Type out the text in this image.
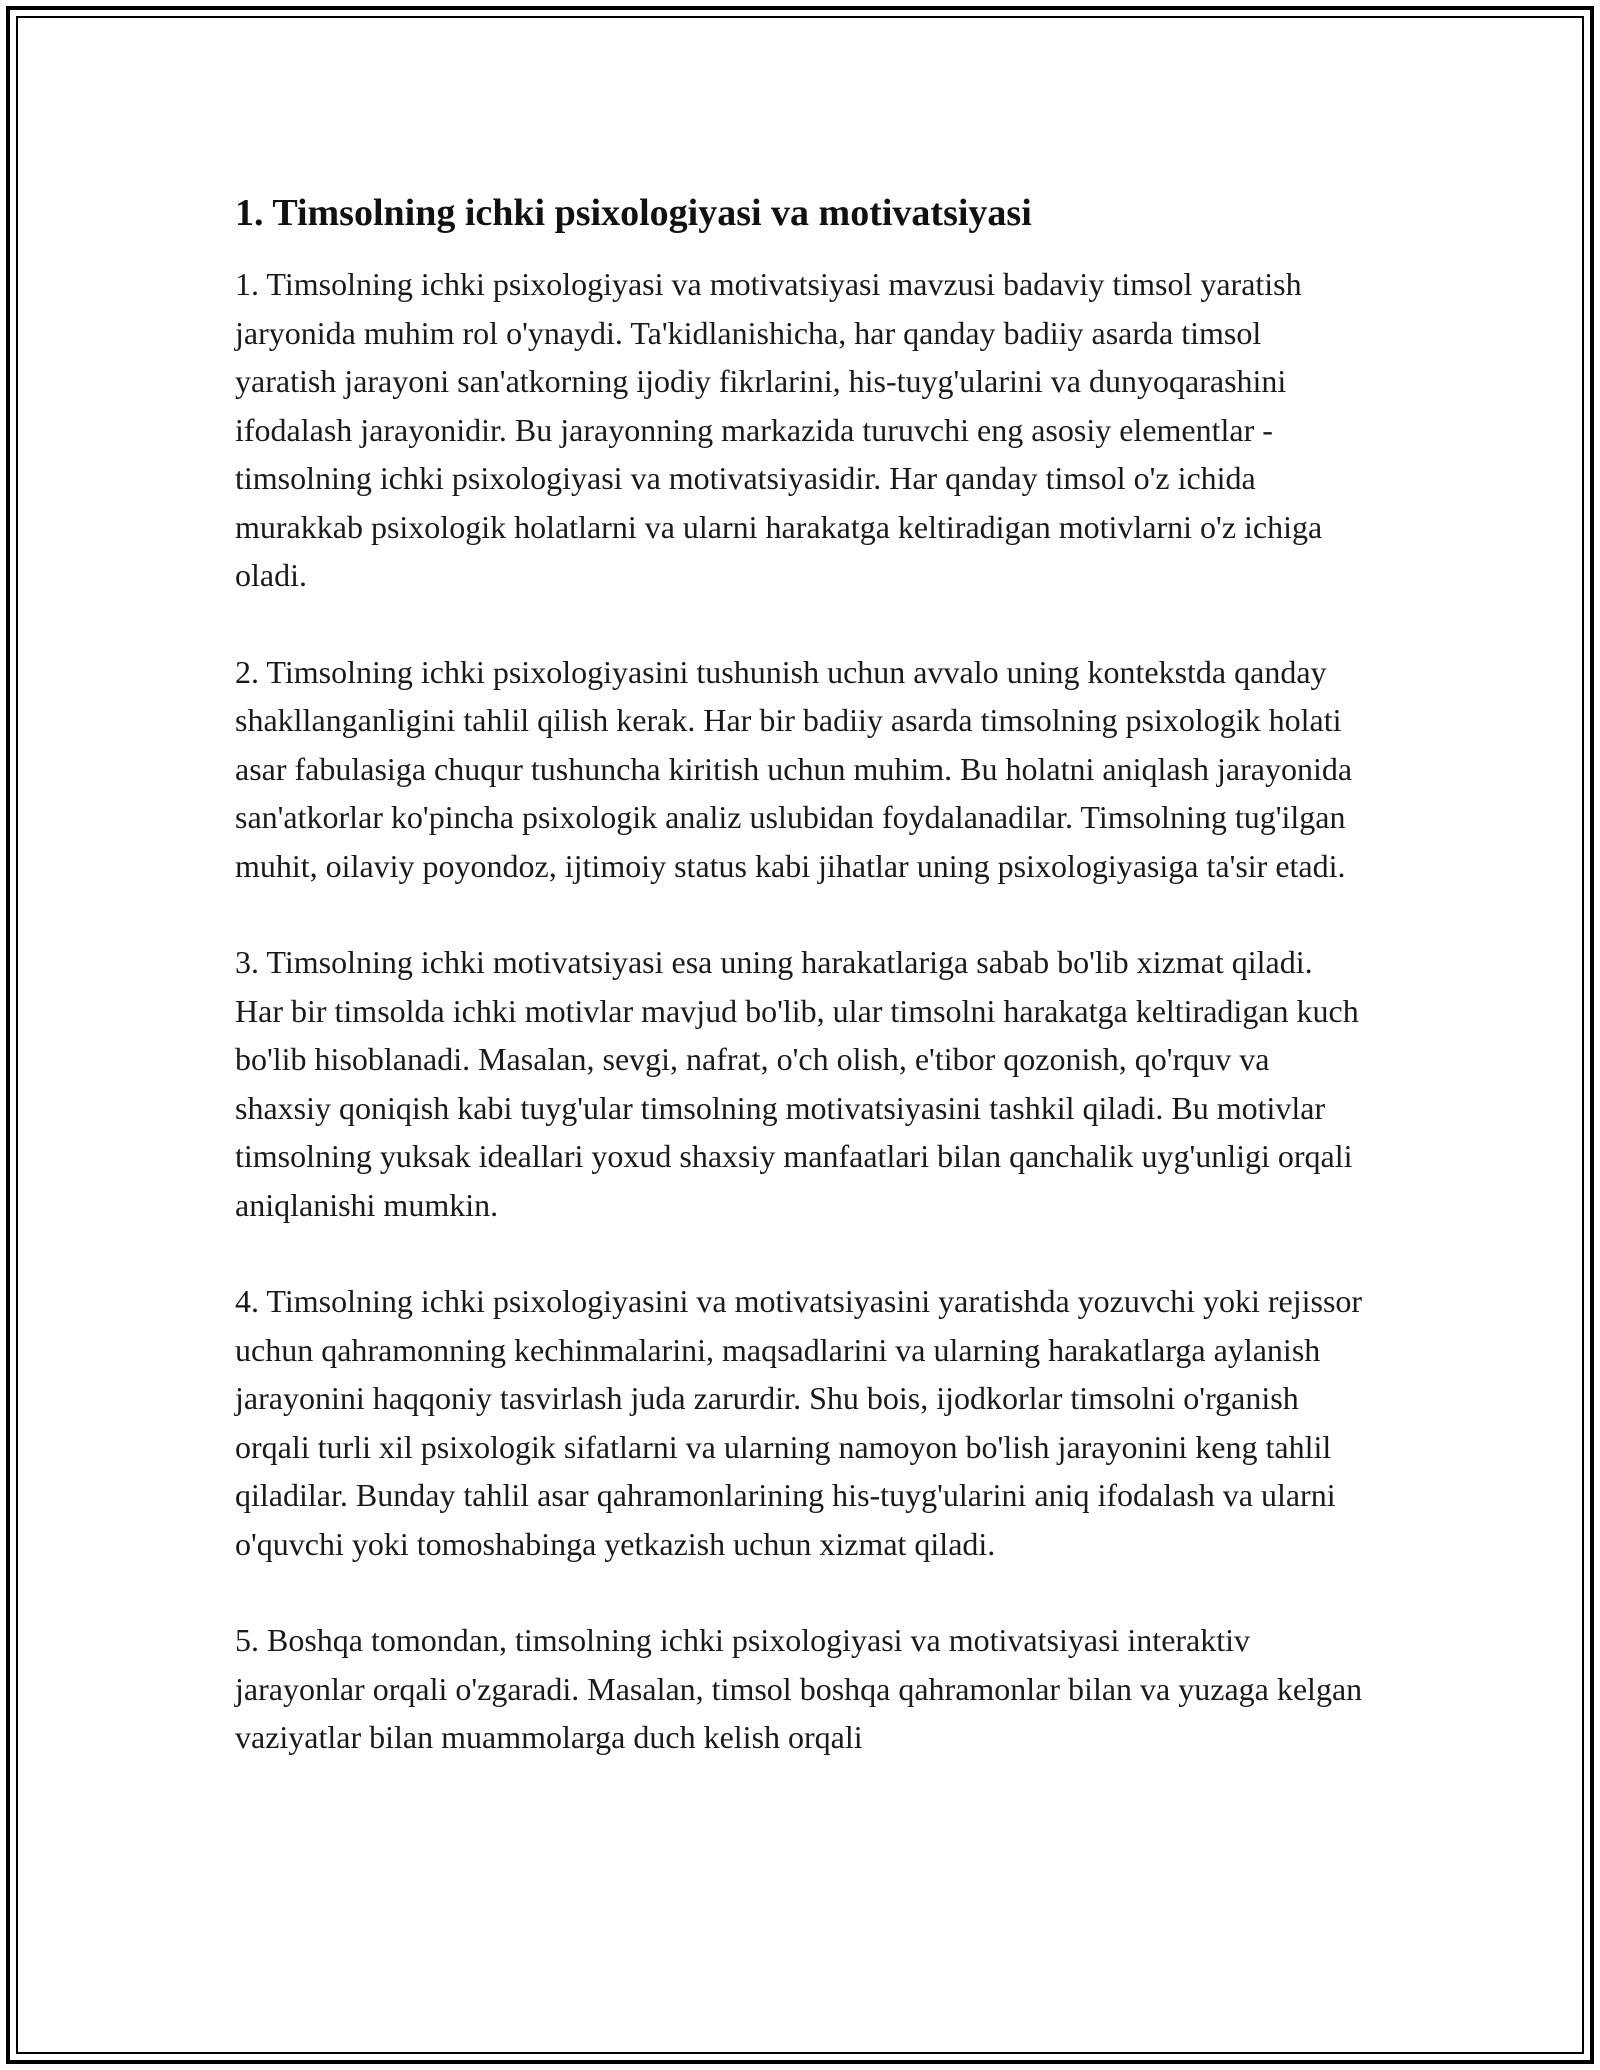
1. Timsolning ichki psixologiyasi va motivatsiyasi

1. Timsolning ichki psixologiyasi va motivatsiyasi mavzusi badaviy timsol yaratish jaryonida muhim rol o'ynaydi. Ta'kidlanishicha, har qanday badiiy asarda timsol yaratish jarayoni san'atkorning ijodiy fikrlarini, his-tuyg'ularini va dunyoqarashini ifodalash jarayonidir. Bu jarayonning markazida turuvchi eng asosiy elementlar - timsolning ichki psixologiyasi va motivatsiyasidir. Har qanday timsol o'z ichida murakkab psixologik holatlarni va ularni harakatga keltiradigan motivlarni o'z ichiga oladi.

2. Timsolning ichki psixologiyasini tushunish uchun avvalo uning kontekstda qanday shakllanganligini tahlil qilish kerak. Har bir badiiy asarda timsolning psixologik holati asar fabulasiga chuqur tushuncha kiritish uchun muhim. Bu holatni aniqlash jarayonida san'atkorlar ko'pincha psixologik analiz uslubidan foydalanadilar. Timsolning tug'ilgan muhit, oilaviy poyondoz, ijtimoiy status kabi jihatlar uning psixologiyasiga ta'sir etadi.

3. Timsolning ichki motivatsiyasi esa uning harakatlariga sabab bo'lib xizmat qiladi. Har bir timsolda ichki motivlar mavjud bo'lib, ular timsolni harakatga keltiradigan kuch bo'lib hisoblanadi. Masalan, sevgi, nafrat, o'ch olish, e'tibor qozonish, qo'rquv va shaxsiy qoniqish kabi tuyg'ular timsolning motivatsiyasini tashkil qiladi. Bu motivlar timsolning yuksak ideallari yoxud shaxsiy manfaatlari bilan qanchalik uyg'unligi orqali aniqlanishi mumkin.

4. Timsolning ichki psixologiyasini va motivatsiyasini yaratishda yozuvchi yoki rejissor uchun qahramonning kechinmalarini, maqsadlarini va ularning harakatlarga aylanish jarayonini haqqoniy tasvirlash juda zarurdir. Shu bois, ijodkorlar timsolni o'rganish orqali turli xil psixologik sifatlarni va ularning namoyon bo'lish jarayonini keng tahlil qiladilar. Bunday tahlil asar qahramonlarining his-tuyg'ularini aniq ifodalash va ularni o'quvchi yoki tomoshabinga yetkazish uchun xizmat qiladi.

5. Boshqa tomondan, timsolning ichki psixologiyasi va motivatsiyasi interaktiv jarayonlar orqali o'zgaradi. Masalan, timsol boshqa qahramonlar bilan va yuzaga kelgan vaziyatlar bilan muammolarga duch kelish orqali
